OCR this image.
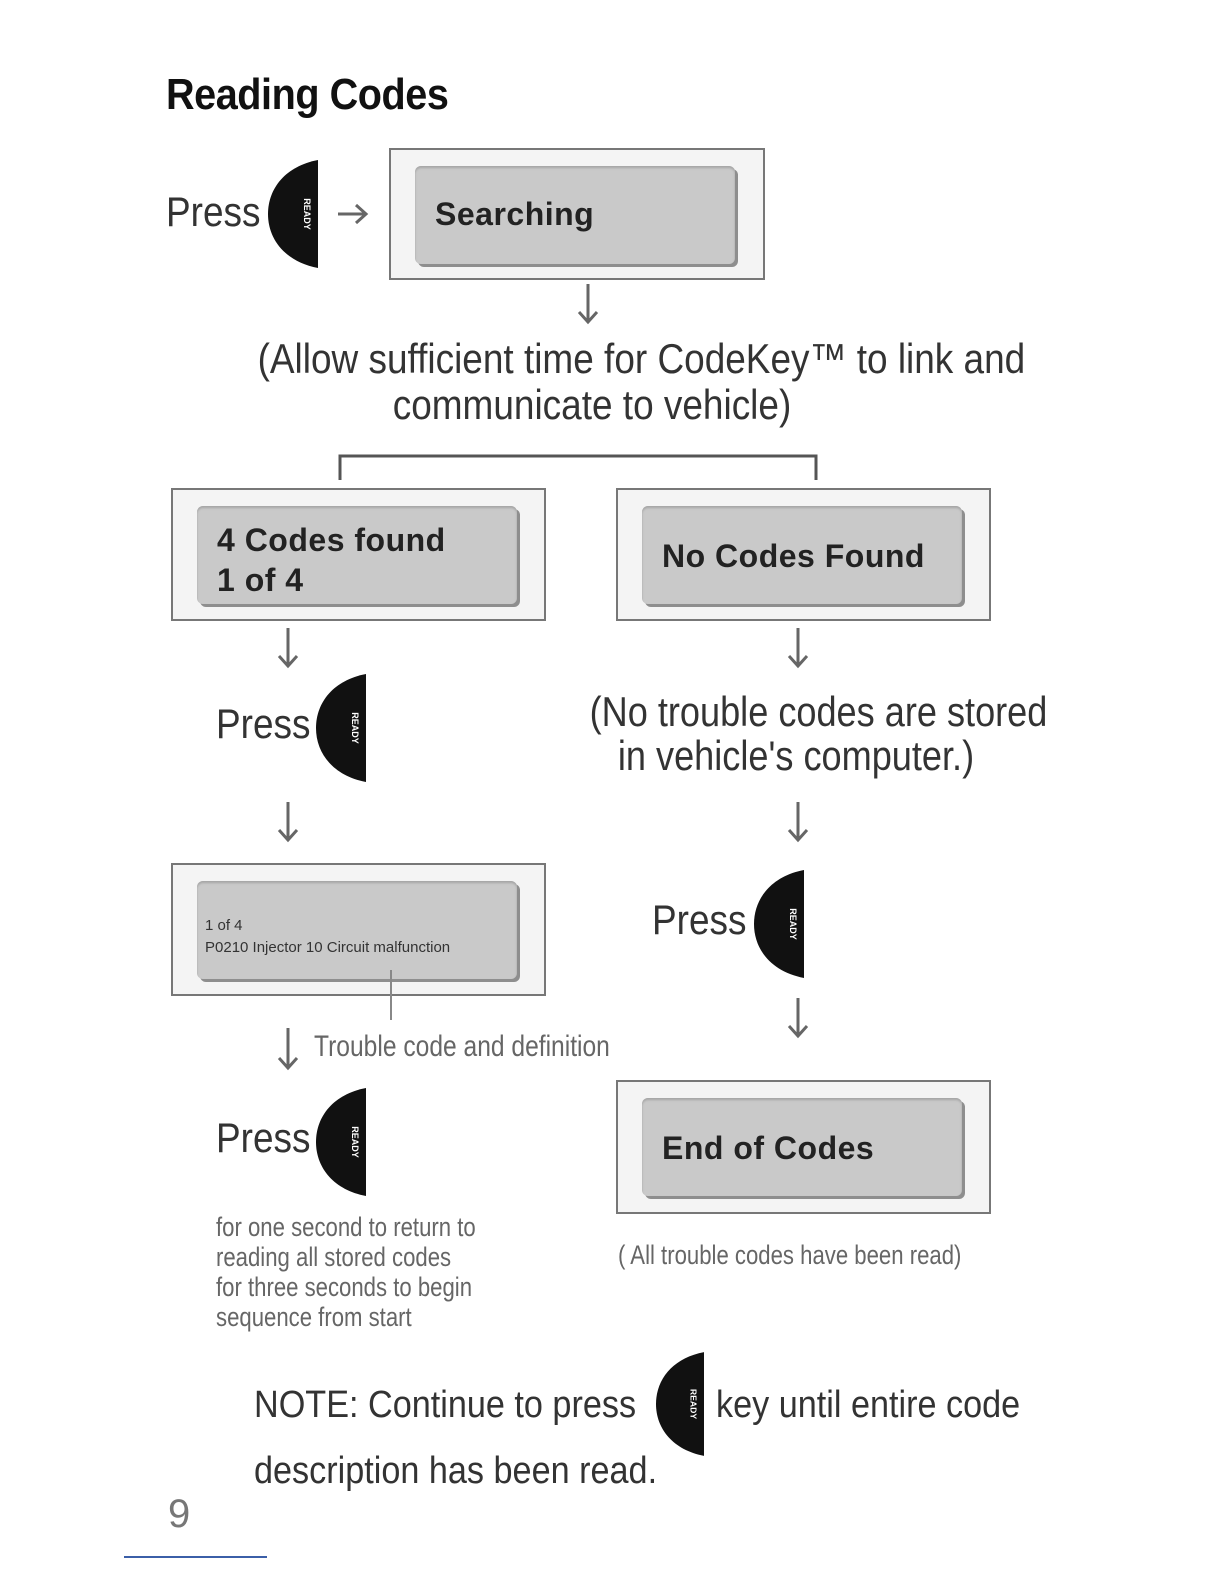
Reading Codes
Press	READY	Searching
(Allow sufficient time for CodeKey™ to link and
communicate to vehicle)
4 Codes found
1 of 4
No Codes Found
Press	READY
1 of 4
P0210 Injector 10 Circuit malfunction
Trouble code and definition
Press	READY
for one second to return to
reading all stored codes
for three seconds to begin
sequence from start
(No trouble codes are stored
in vehicle's computer.)
Press	READY
End of Codes
( All trouble codes have been read)
NOTE: Continue to press	READY key until entire code
description has been read.
9
